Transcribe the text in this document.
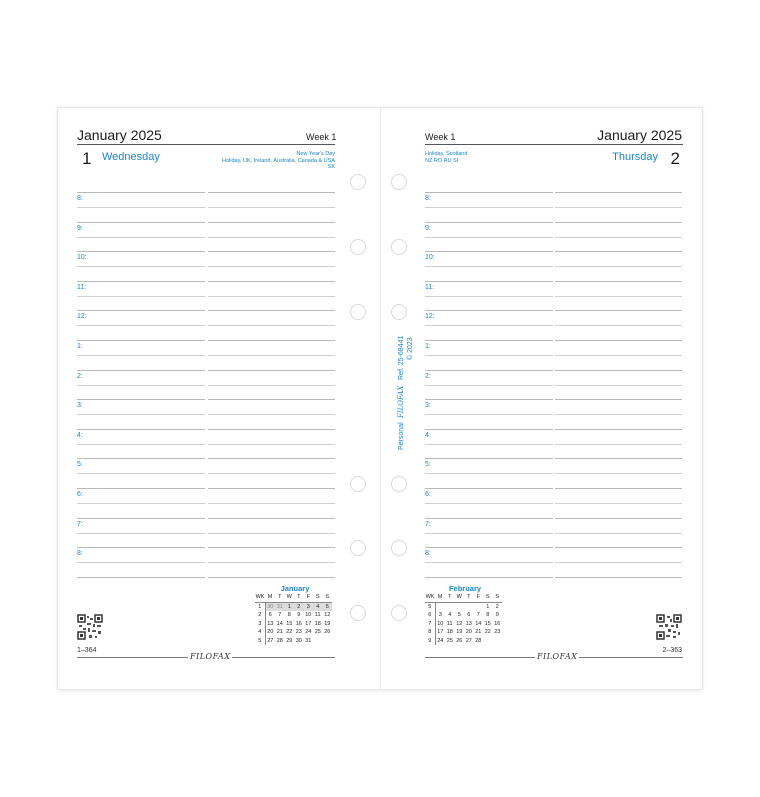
January 2025	Week 1
1 Wednesday	New Year's Day
Holiday, UK, Ireland, Australia, Canada & USA
SK
8:
9:
10:
11:
12:
1:
2:
3:
4:
5:
6:
7:
8:
January
WK	M	T	W	T	F	S	S
1	30	31	1	2	3	4	5
2	6	7	8	9	10	11	12
3	13	14	15	16	17	18	19
4	20	21	22	23	24	25	26
5	27	28	29	30	31		
1–364
FILOFAX
Week 1	January 2025
Holiday, Scotland
NZ RO RU SI	Thursday 2
8:
9:
10:
11:
12:
1:
2:
3:
4:
5:
6:
7:
8:
February
WK	M	T	W	T	F	S	S
5						1	2
6	3	4	5	6	7	8	9
7	10	11	12	13	14	15	16
8	17	18	19	20	21	22	23
9	24	25	26	27	28		
2–363
FILOFAX
Personal
FILOFAX
Ref. 25-68441 © 2023
